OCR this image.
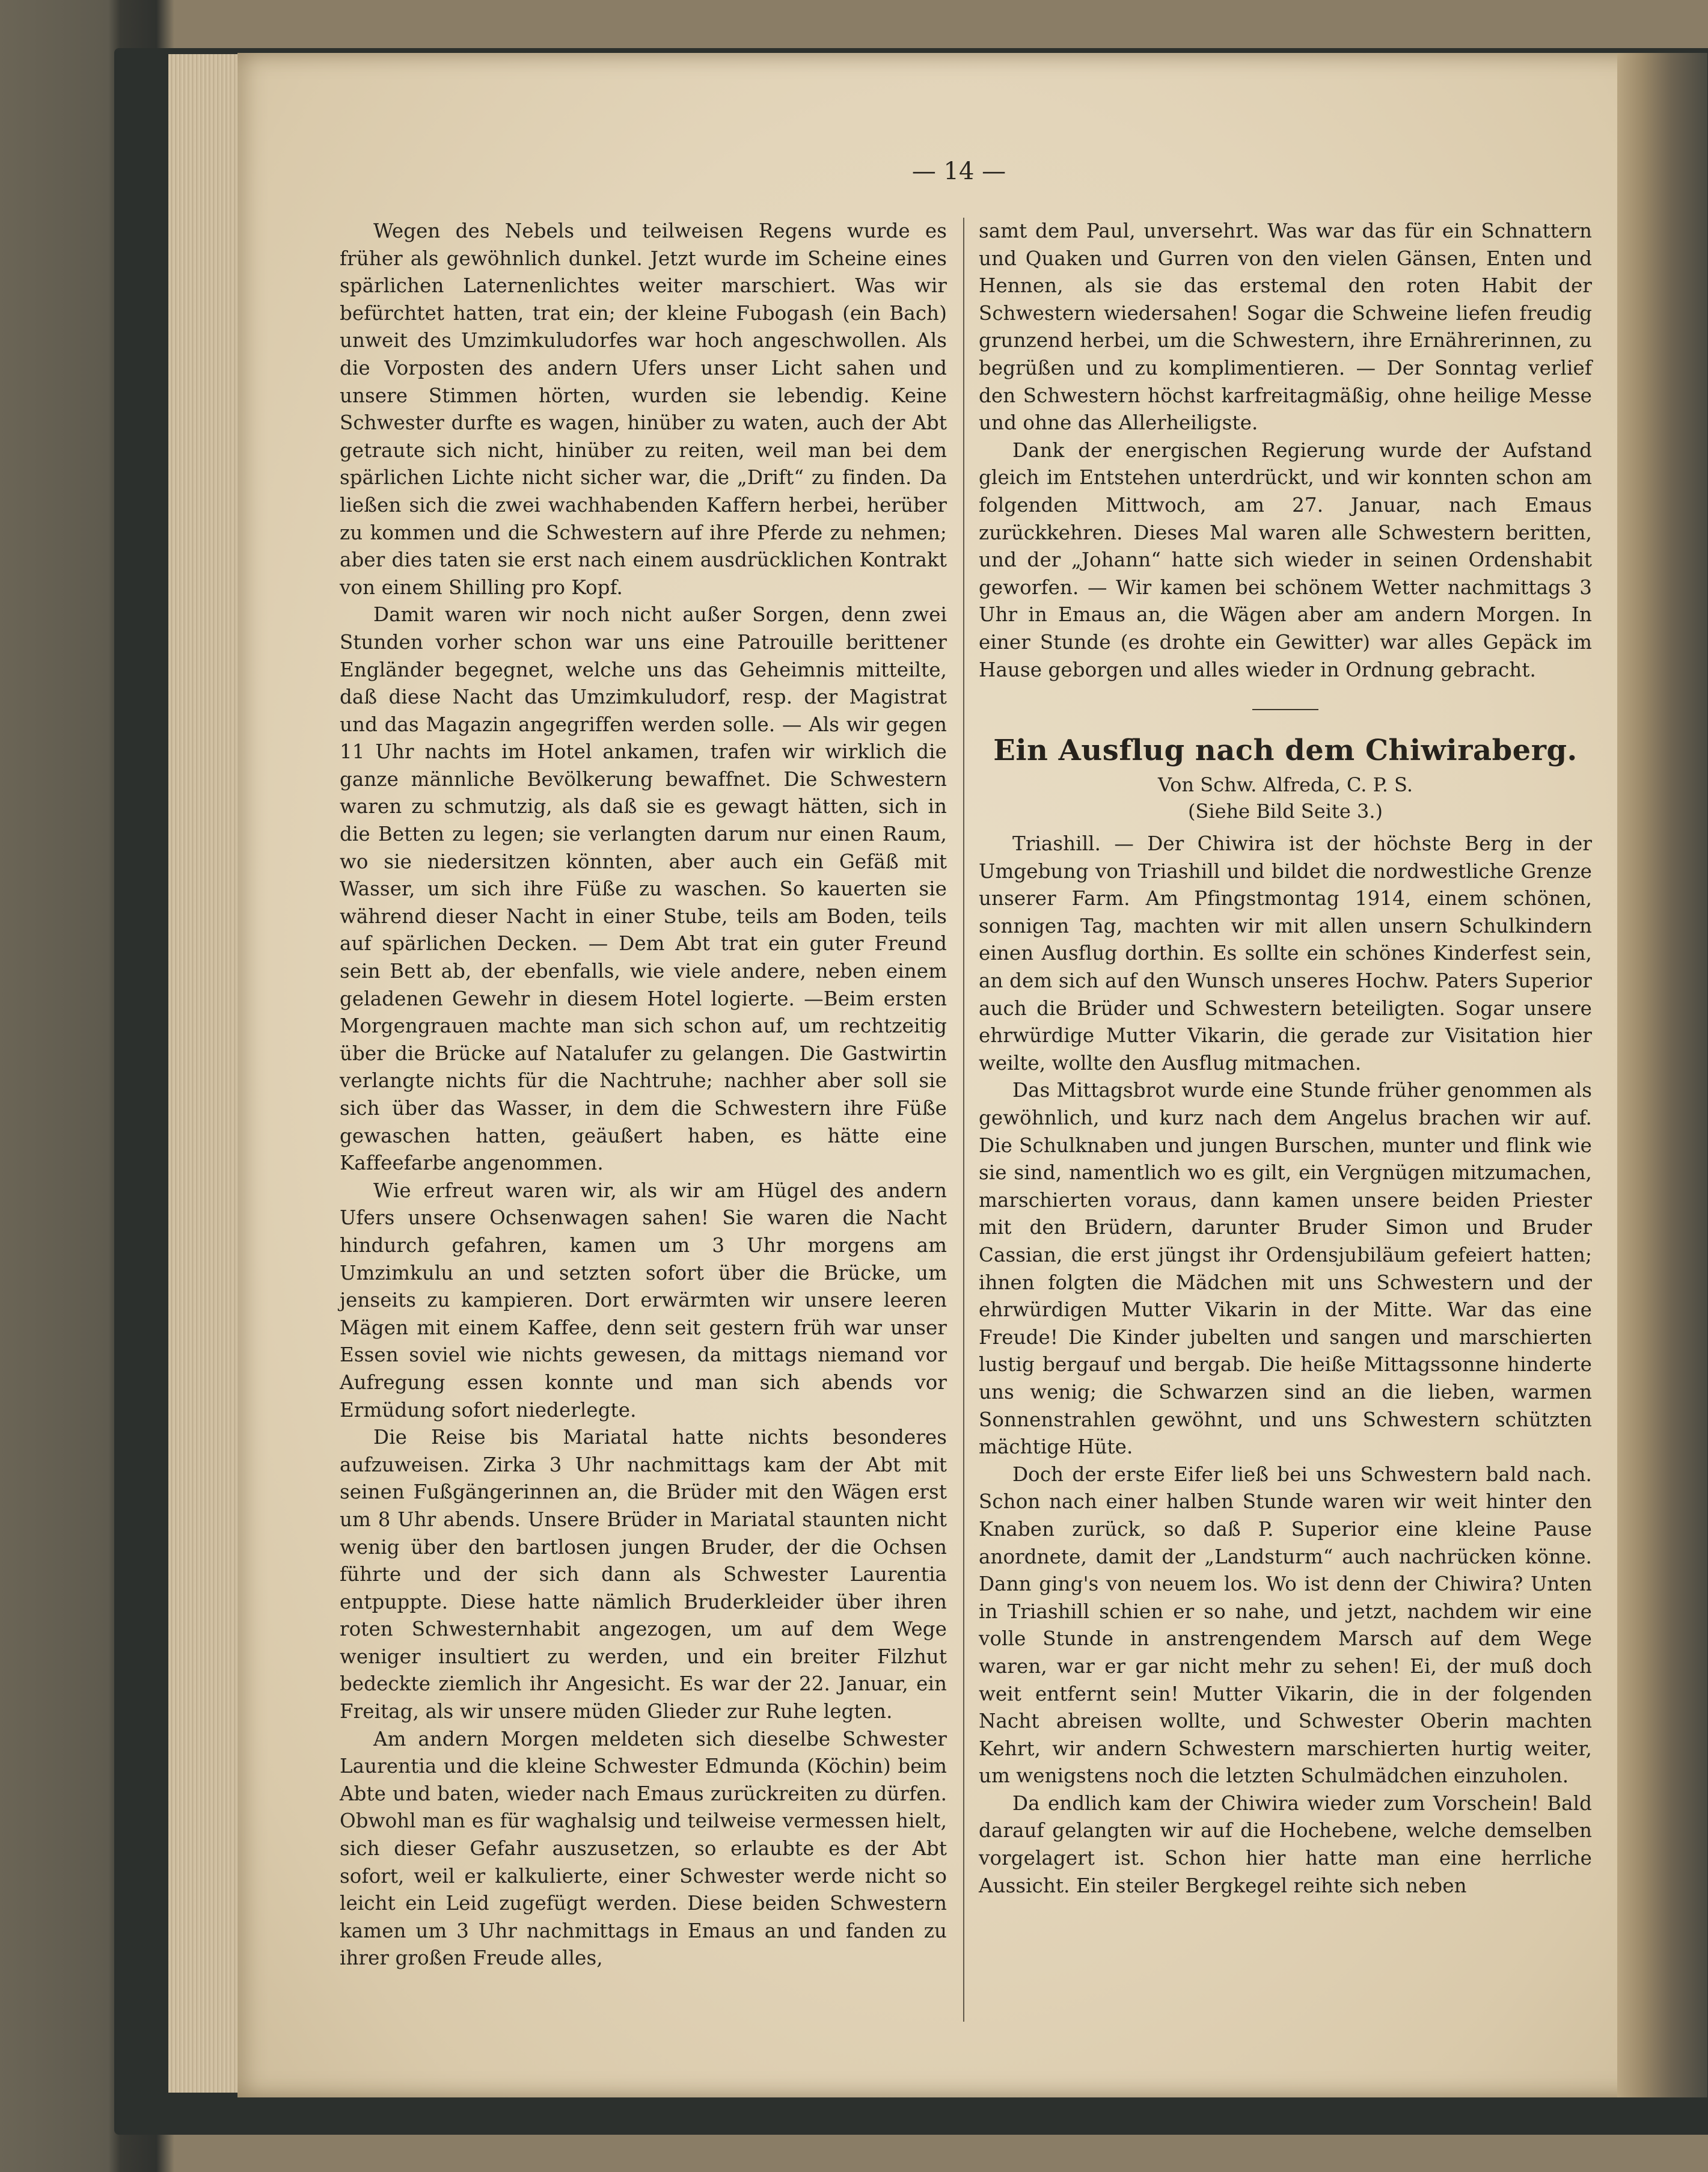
— 14 —

Wegen des Nebels und teilweisen Regens wurde es früher als gewöhnlich dunkel. Jetzt wurde im Scheine eines spärlichen Laternenlichtes weiter marschiert. Was wir befürchtet hatten, trat ein; der kleine Fubogash (ein Bach) unweit des Umzimkuludorfes war hoch angeschwollen. Als die Vorposten des andern Ufers unser Licht sahen und unsere Stimmen hörten, wurden sie lebendig. Keine Schwester durfte es wagen, hinüber zu waten, auch der Abt getraute sich nicht, hinüber zu reiten, weil man bei dem spärlichen Lichte nicht sicher war, die „Drift“ zu finden. Da ließen sich die zwei wachhabenden Kaffern herbei, herüber zu kommen und die Schwestern auf ihre Pferde zu nehmen; aber dies taten sie erst nach einem ausdrücklichen Kontrakt von einem Shilling pro Kopf.

Damit waren wir noch nicht außer Sorgen, denn zwei Stunden vorher schon war uns eine Patrouille berittener Engländer begegnet, welche uns das Geheimnis mitteilte, daß diese Nacht das Umzimkuludorf, resp. der Magistrat und das Magazin angegriffen werden solle. — Als wir gegen 11 Uhr nachts im Hotel ankamen, trafen wir wirklich die ganze männliche Bevölkerung bewaffnet. Die Schwestern waren zu schmutzig, als daß sie es gewagt hätten, sich in die Betten zu legen; sie verlangten darum nur einen Raum, wo sie niedersitzen könnten, aber auch ein Gefäß mit Wasser, um sich ihre Füße zu waschen. So kauerten sie während dieser Nacht in einer Stube, teils am Boden, teils auf spärlichen Decken. — Dem Abt trat ein guter Freund sein Bett ab, der ebenfalls, wie viele andere, neben einem geladenen Gewehr in diesem Hotel logierte. —Beim ersten Morgengrauen machte man sich schon auf, um rechtzeitig über die Brücke auf Natalufer zu gelangen. Die Gastwirtin verlangte nichts für die Nachtruhe; nachher aber soll sie sich über das Wasser, in dem die Schwestern ihre Füße gewaschen hatten, geäußert haben, es hätte eine Kaffeefarbe angenommen.

Wie erfreut waren wir, als wir am Hügel des andern Ufers unsere Ochsenwagen sahen! Sie waren die Nacht hindurch gefahren, kamen um 3 Uhr morgens am Umzimkulu an und setzten sofort über die Brücke, um jenseits zu kampieren. Dort erwärmten wir unsere leeren Mägen mit einem Kaffee, denn seit gestern früh war unser Essen soviel wie nichts gewesen, da mittags niemand vor Aufregung essen konnte und man sich abends vor Ermüdung sofort niederlegte.

Die Reise bis Mariatal hatte nichts besonderes aufzuweisen. Zirka 3 Uhr nachmittags kam der Abt mit seinen Fußgängerinnen an, die Brüder mit den Wägen erst um 8 Uhr abends. Unsere Brüder in Mariatal staunten nicht wenig über den bartlosen jungen Bruder, der die Ochsen führte und der sich dann als Schwester Laurentia entpuppte. Diese hatte nämlich Bruderkleider über ihren roten Schwesternhabit angezogen, um auf dem Wege weniger insultiert zu werden, und ein breiter Filzhut bedeckte ziemlich ihr Angesicht. Es war der 22. Januar, ein Freitag, als wir unsere müden Glieder zur Ruhe legten.

Am andern Morgen meldeten sich dieselbe Schwester Laurentia und die kleine Schwester Edmunda (Köchin) beim Abte und baten, wieder nach Emaus zurückreiten zu dürfen. Obwohl man es für waghalsig und teilweise vermessen hielt, sich dieser Gefahr auszusetzen, so erlaubte es der Abt sofort, weil er kalkulierte, einer Schwester werde nicht so leicht ein Leid zugefügt werden. Diese beiden Schwestern kamen um 3 Uhr nachmittags in Emaus an und fanden zu ihrer großen Freude alles,

samt dem Paul, unversehrt. Was war das für ein Schnattern und Quaken und Gurren von den vielen Gänsen, Enten und Hennen, als sie das erstemal den roten Habit der Schwestern wiedersahen! Sogar die Schweine liefen freudig grunzend herbei, um die Schwestern, ihre Ernährerinnen, zu begrüßen und zu komplimentieren. — Der Sonntag verlief den Schwestern höchst karfreitagmäßig, ohne heilige Messe und ohne das Allerheiligste.

Dank der energischen Regierung wurde der Aufstand gleich im Entstehen unterdrückt, und wir konnten schon am folgenden Mittwoch, am 27. Januar, nach Emaus zurückkehren. Dieses Mal waren alle Schwestern beritten, und der „Johann“ hatte sich wieder in seinen Ordenshabit geworfen. — Wir kamen bei schönem Wetter nachmittags 3 Uhr in Emaus an, die Wägen aber am andern Morgen. In einer Stunde (es drohte ein Gewitter) war alles Gepäck im Hause geborgen und alles wieder in Ordnung gebracht.

Ein Ausflug nach dem Chiwiraberg.

Von Schw. Alfreda, C. P. S.

(Siehe Bild Seite 3.)

Triashill. — Der Chiwira ist der höchste Berg in der Umgebung von Triashill und bildet die nordwestliche Grenze unserer Farm. Am Pfingstmontag 1914, einem schönen, sonnigen Tag, machten wir mit allen unsern Schulkindern einen Ausflug dorthin. Es sollte ein schönes Kinderfest sein, an dem sich auf den Wunsch unseres Hochw. Paters Superior auch die Brüder und Schwestern beteiligten. Sogar unsere ehrwürdige Mutter Vikarin, die gerade zur Visitation hier weilte, wollte den Ausflug mitmachen.

Das Mittagsbrot wurde eine Stunde früher genommen als gewöhnlich, und kurz nach dem Angelus brachen wir auf. Die Schulknaben und jungen Burschen, munter und flink wie sie sind, namentlich wo es gilt, ein Vergnügen mitzumachen, marschierten voraus, dann kamen unsere beiden Priester mit den Brüdern, darunter Bruder Simon und Bruder Cassian, die erst jüngst ihr Ordensjubiläum gefeiert hatten; ihnen folgten die Mädchen mit uns Schwestern und der ehrwürdigen Mutter Vikarin in der Mitte. War das eine Freude! Die Kinder jubelten und sangen und marschierten lustig bergauf und bergab. Die heiße Mittagssonne hinderte uns wenig; die Schwarzen sind an die lieben, warmen Sonnenstrahlen gewöhnt, und uns Schwestern schützten mächtige Hüte.

Doch der erste Eifer ließ bei uns Schwestern bald nach. Schon nach einer halben Stunde waren wir weit hinter den Knaben zurück, so daß P. Superior eine kleine Pause anordnete, damit der „Landsturm“ auch nachrücken könne. Dann ging's von neuem los. Wo ist denn der Chiwira? Unten in Triashill schien er so nahe, und jetzt, nachdem wir eine volle Stunde in anstrengendem Marsch auf dem Wege waren, war er gar nicht mehr zu sehen! Ei, der muß doch weit entfernt sein! Mutter Vikarin, die in der folgenden Nacht abreisen wollte, und Schwester Oberin machten Kehrt, wir andern Schwestern marschierten hurtig weiter, um wenigstens noch die letzten Schulmädchen einzuholen.

Da endlich kam der Chiwira wieder zum Vorschein! Bald darauf gelangten wir auf die Hochebene, welche demselben vorgelagert ist. Schon hier hatte man eine herrliche Aussicht. Ein steiler Bergkegel reihte sich neben
